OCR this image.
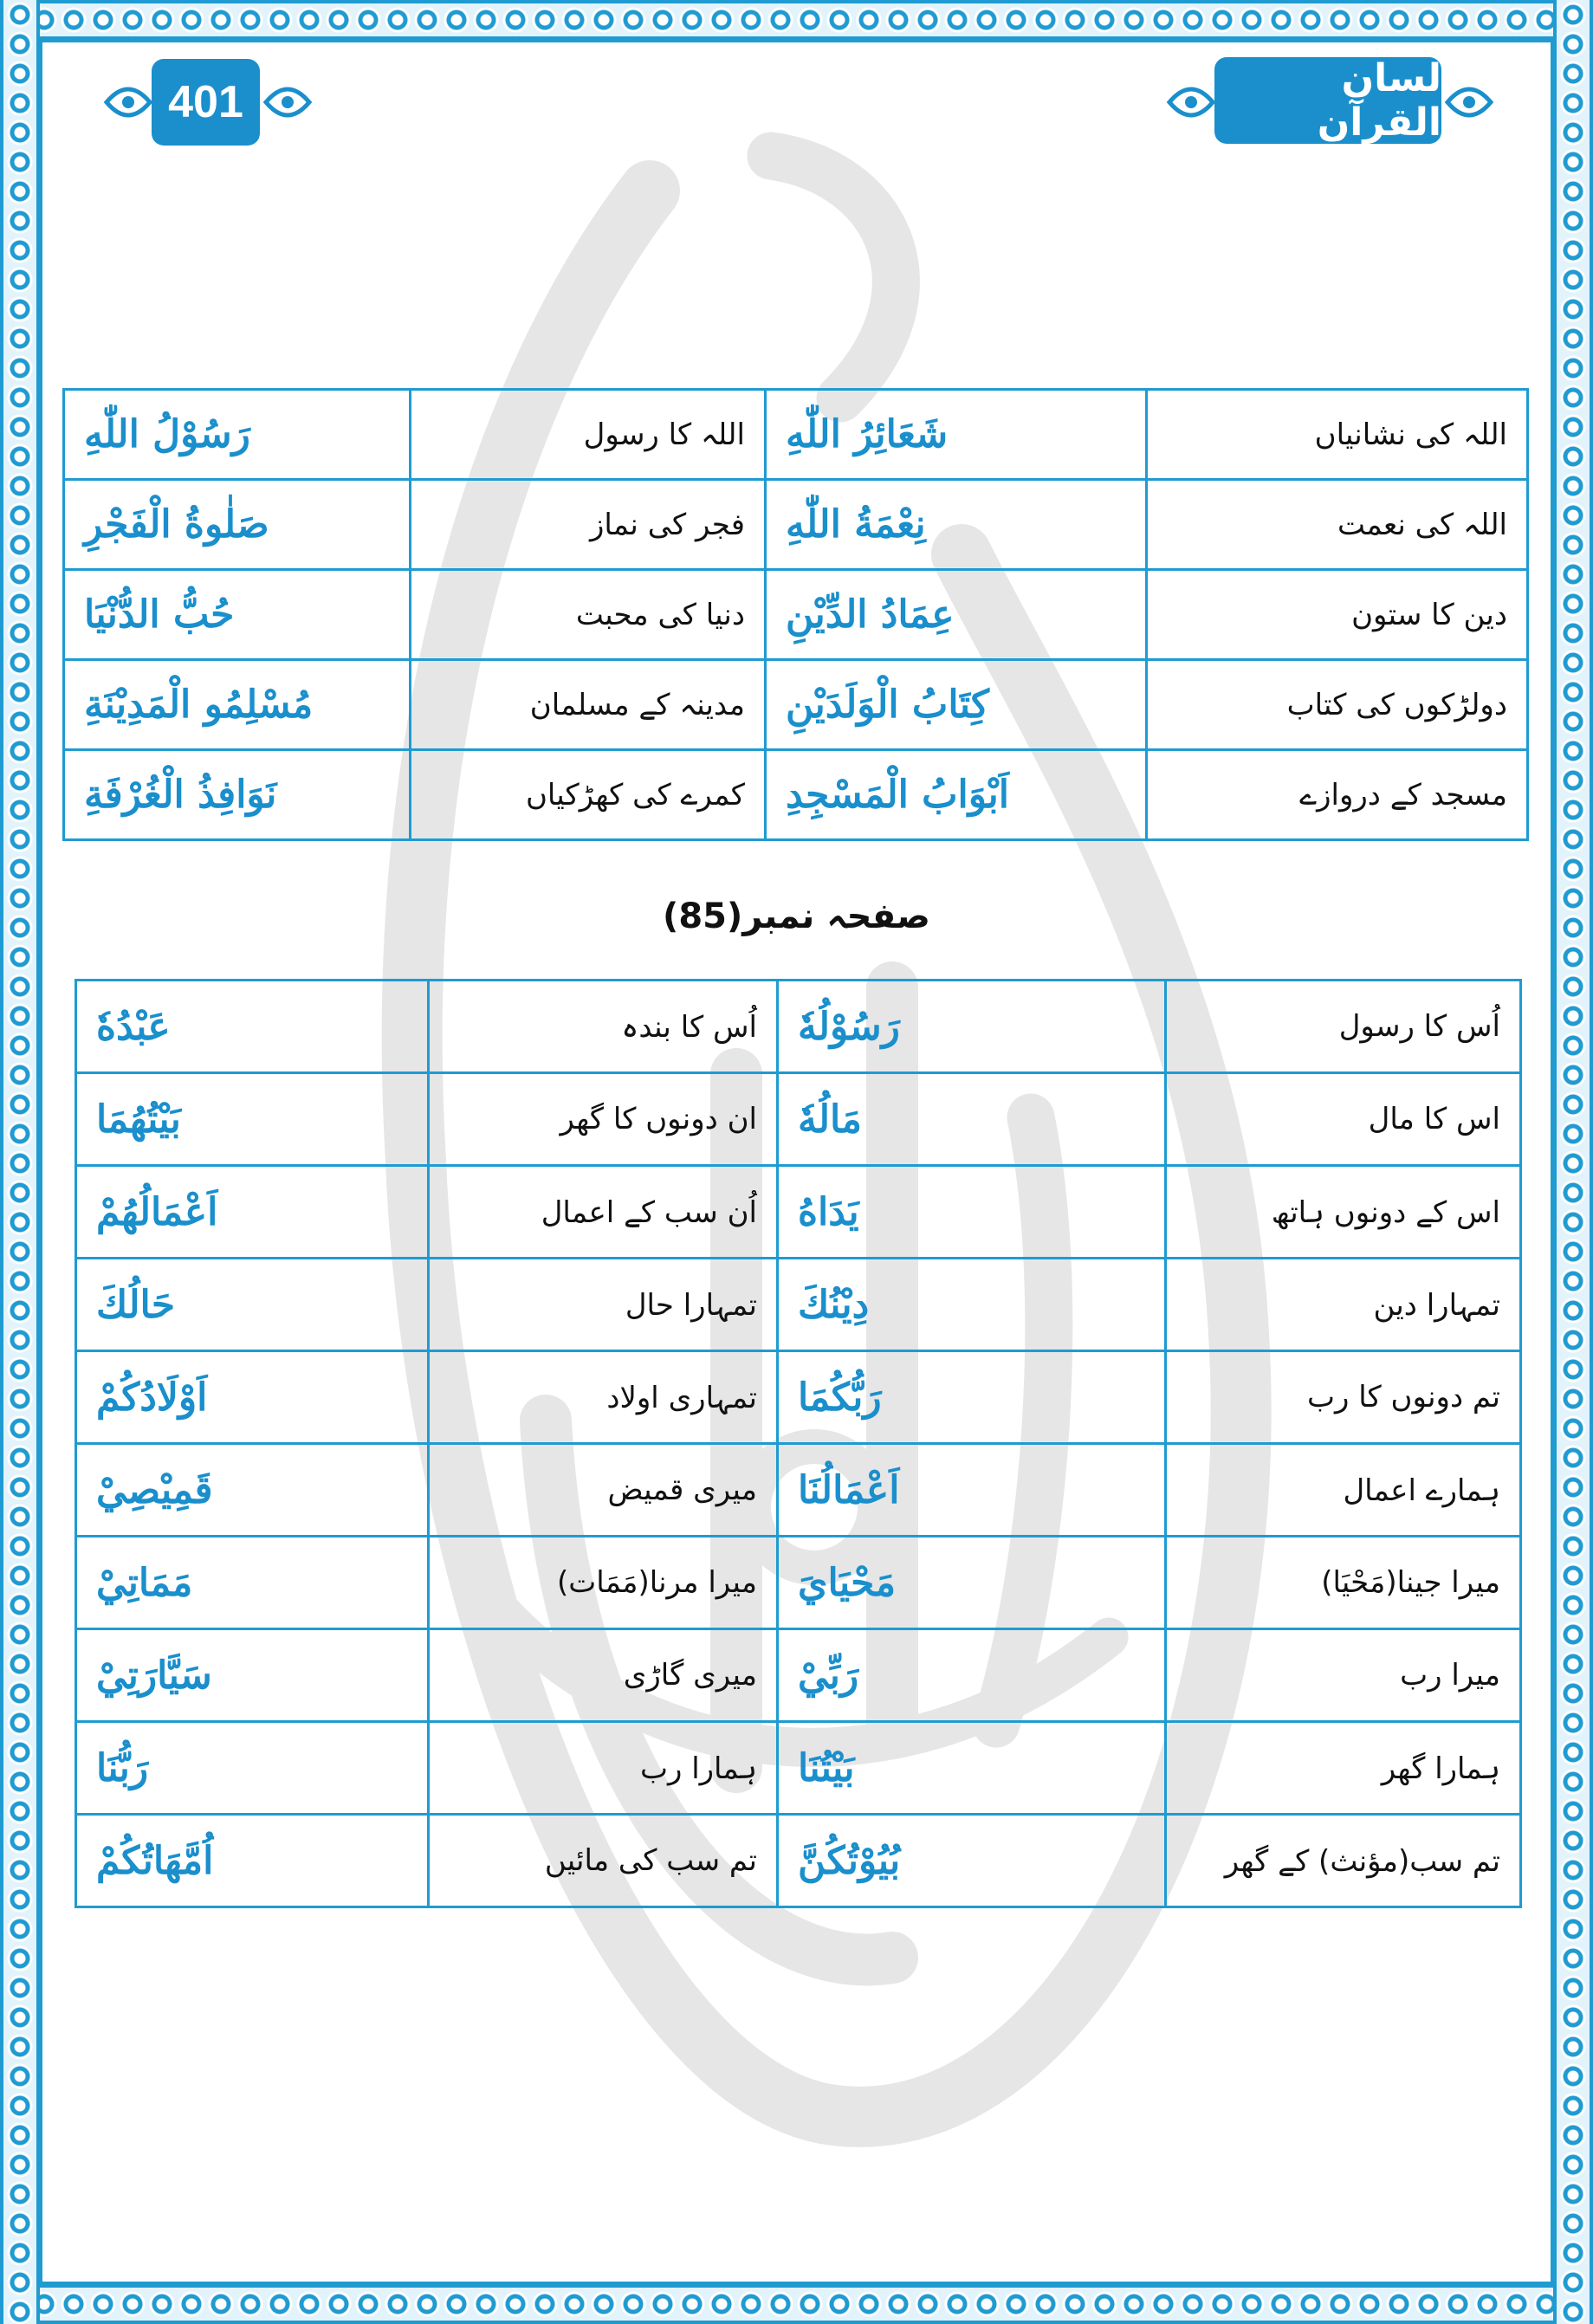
401	لسان القرآن
اللہ کی نشانیاں	شَعَائِرُ اللّٰهِ	اللہ کا رسول	رَسُوْلُ اللّٰهِ
اللہ کی نعمت	نِعْمَةُ اللّٰهِ	فجر کی نماز	صَلٰوةُ الْفَجْرِ
دین کا ستون	عِمَادُ الدِّيْنِ	دنیا کی محبت	حُبُّ الدُّنْيَا
دولڑکوں کی کتاب	كِتَابُ الْوَلَدَيْنِ	مدینہ کے مسلمان	مُسْلِمُو الْمَدِيْنَةِ
مسجد کے دروازے	اَبْوَابُ الْمَسْجِدِ	کمرے کی کھڑکیاں	نَوَافِذُ الْغُرْفَةِ
صفحہ نمبر(85)
اُس کا رسول	رَسُوْلُهٗ	اُس کا بندہ	عَبْدُهٗ
اس کا مال	مَالُهٗ	ان دونوں کا گھر	بَيْتُهُمَا
اس کے دونوں ہاتھ	يَدَاهُ	اُن سب کے اعمال	اَعْمَالُهُمْ
تمہارا دین	دِيْنُكَ	تمہارا حال	حَالُكَ
تم دونوں کا رب	رَبُّكُمَا	تمہاری اولاد	اَوْلَادُكُمْ
ہمارے اعمال	اَعْمَالُنَا	میری قمیض	قَمِيْصِيْ
میرا جینا(مَحْیَا)	مَحْيَايَ	میرا مرنا(مَمَات)	مَمَاتِيْ
میرا رب	رَبِّيْ	میری گاڑی	سَيَّارَتِيْ
ہمارا گھر	بَيْتُنَا	ہمارا رب	رَبُّنَا
تم سب(مؤنث) کے گھر	بُيُوْتُكُنَّ	تم سب کی مائیں	اُمَّهَاتُكُمْ
